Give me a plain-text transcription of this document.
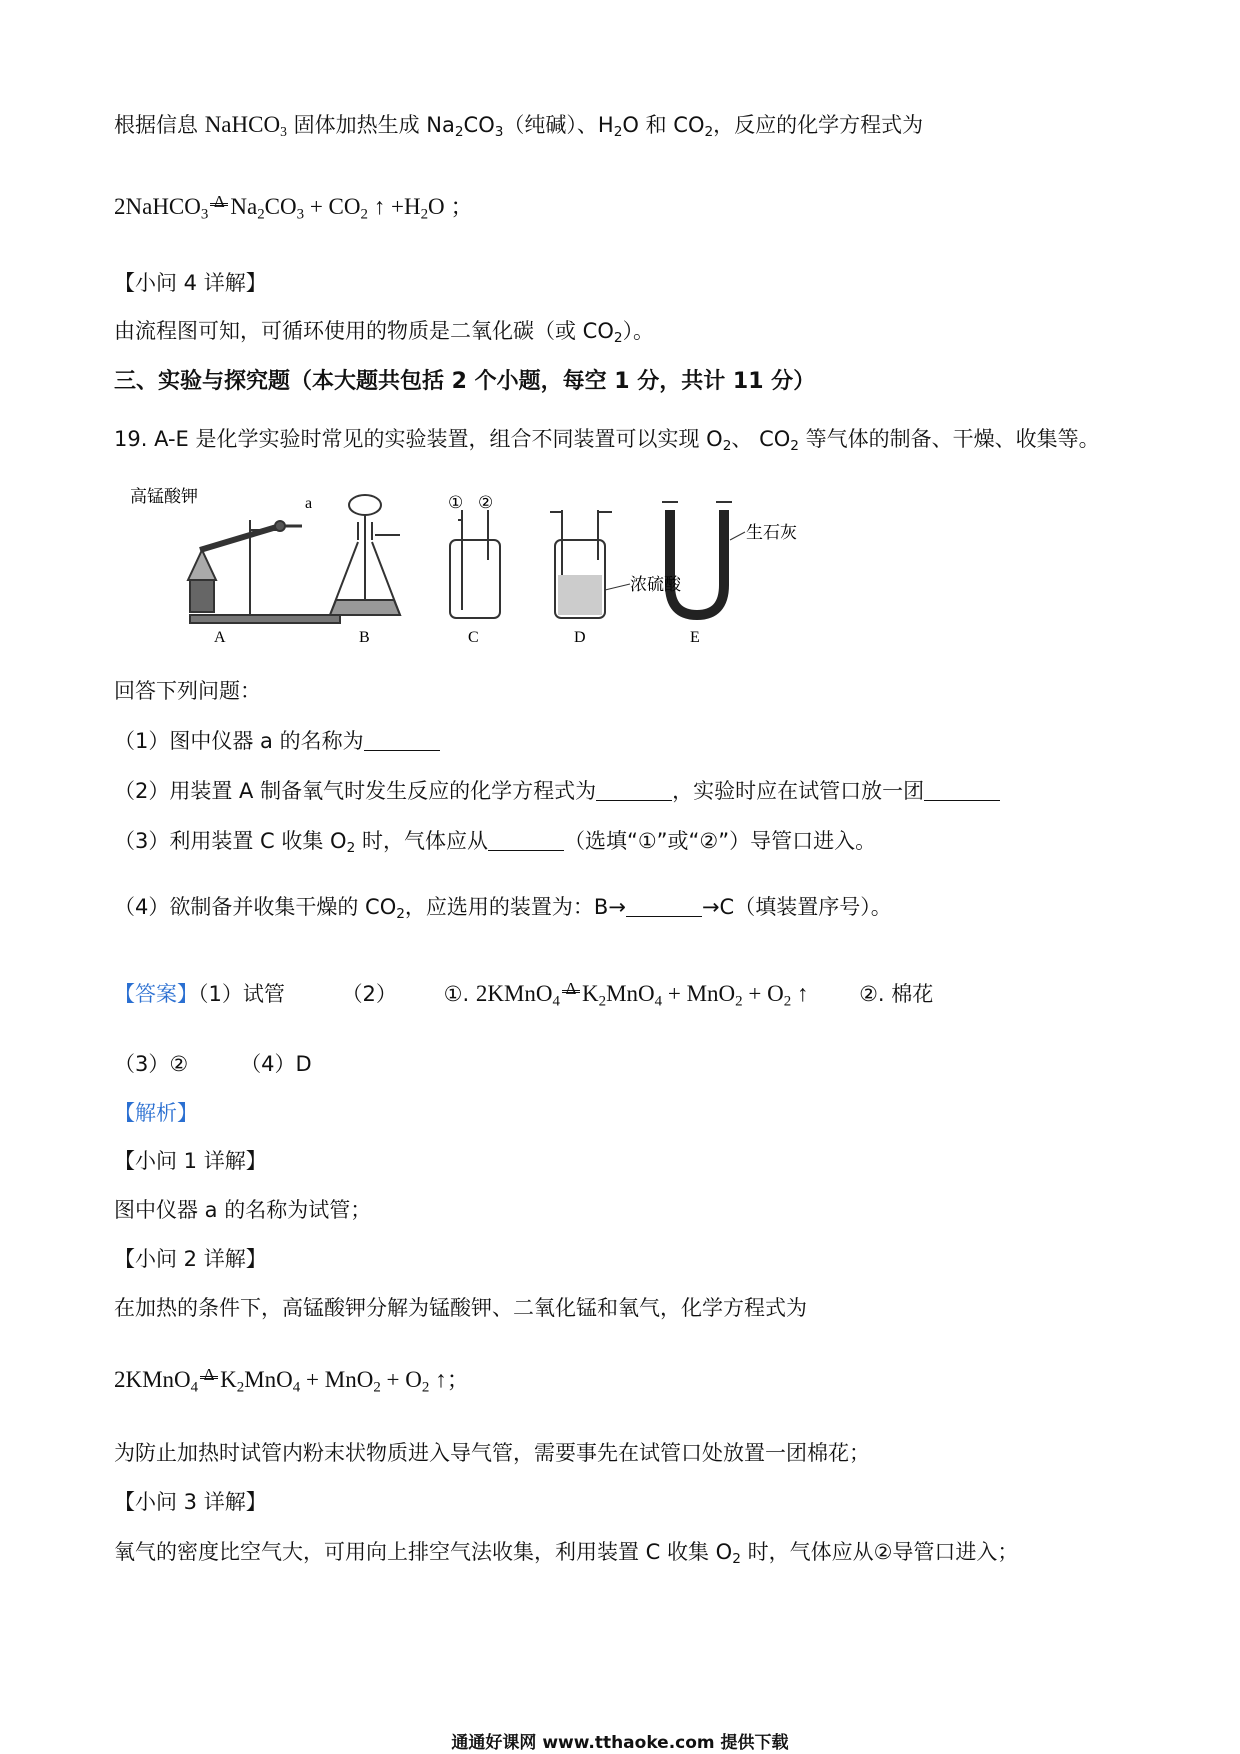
根据信息 NaHCO$_3$ 固体加热生成 $Na_2CO_3$（纯碱）、$H_2O$ 和 $CO_2$，反应的化学方程式为
2NaHCO$_3$
Δ $Na_2CO_3 + CO_2$ ↑ $+H_2O$ ；
【小问 4 详解】
由流程图可知，可循环使用的物质是二氧化碳（或 $CO_2$）。
三、实验与探究题（本大题共包括 2 个小题，每空 1 分，共计 11 分）
19. A-E 是化学实验时常见的实验装置，组合不同装置可以实现 $O_2$、 $CO_2$ 等气体的制备、干燥、收集等。
高锰酸钾	a	① ②
浓硫酸
生石灰
A	B	C	D	E
回答下列问题：
（1）图中仪器 a 的名称为
（2）用装置 A 制备氧气时发生反应的化学方程式为	，实验时应在试管口放一团
（3）利用装置 C 收集 $O_2$ 时，气体应从	（选填“①”或“②”）导管口进入。
（4）欲制备并收集干燥的 $CO_2$，应选用的装置为：B→	→C（填装置序号）。
【答案】（1）试管	（2） ①. 2KMnO$_4$
Δ $K_2MnO_4 + MnO_2 + O_2$ ↑ ②. 棉花
（3）② （4）D
【解析】
【小问 1 详解】
图中仪器 a 的名称为试管；
【小问 2 详解】
在加热的条件下，高锰酸钾分解为锰酸钾、二氧化锰和氧气，化学方程式为
2KMnO$_4$
Δ $K_2MnO_4 + MnO_2 + O_2$ ↑；
为防止加热时试管内粉末状物质进入导气管，需要事先在试管口处放置一团棉花；
【小问 3 详解】
氧气的密度比空气大，可用向上排空气法收集，利用装置 C 收集 $O_2$ 时，气体应从②导管口进入；
通通好课网 www.tthaoke.com 提供下载
